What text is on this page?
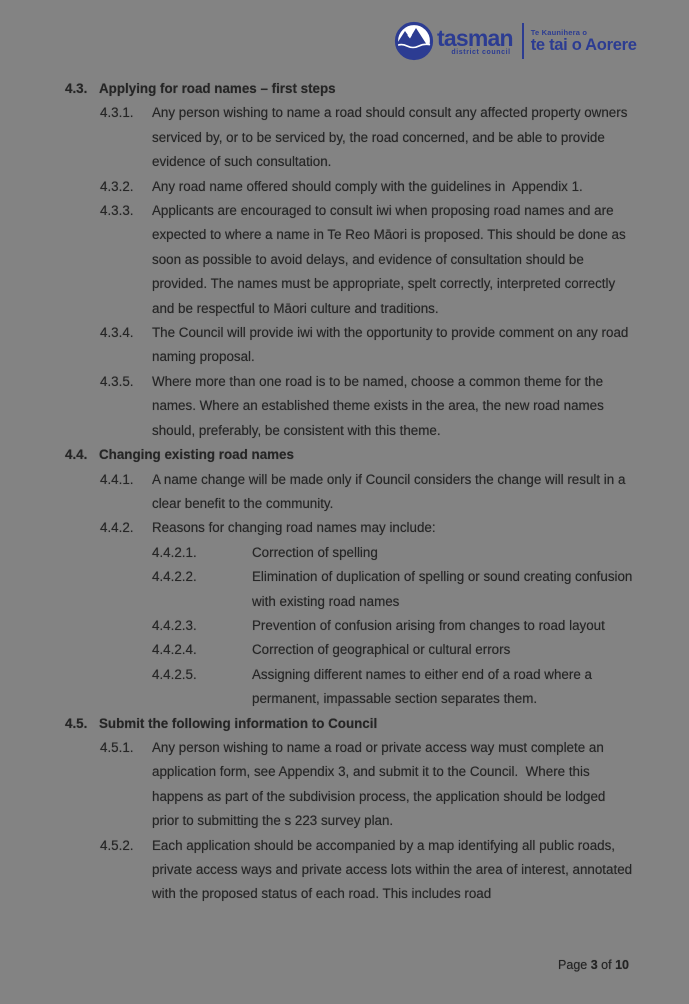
tasman
district council
Te Kaunihera o
te tai o Aorere
4.3. Applying for road names – first steps
4.3.1.	Any person wishing to name a road should consult any affected property owners serviced by, or to be serviced by, the road concerned, and be able to provide evidence of such consultation.
4.3.2.	Any road name offered should comply with the guidelines in  Appendix 1.
4.3.3.	Applicants are encouraged to consult iwi when proposing road names and are expected to where a name in Te Reo Māori is proposed. This should be done as soon as possible to avoid delays, and evidence of consultation should be provided. The names must be appropriate, spelt correctly, interpreted correctly and be respectful to Māori culture and traditions.
4.3.4.	The Council will provide iwi with the opportunity to provide comment on any road naming proposal.
4.3.5.	Where more than one road is to be named, choose a common theme for the names. Where an established theme exists in the area, the new road names should, preferably, be consistent with this theme.
4.4. Changing existing road names
4.4.1.	A name change will be made only if Council considers the change will result in a clear benefit to the community.
4.4.2.	Reasons for changing road names may include:
4.4.2.1.	Correction of spelling
4.4.2.2.	Elimination of duplication of spelling or sound creating confusion with existing road names
4.4.2.3.	Prevention of confusion arising from changes to road layout
4.4.2.4.	Correction of geographical or cultural errors
4.4.2.5.	Assigning different names to either end of a road where a permanent, impassable section separates them.
4.5. Submit the following information to Council
4.5.1.	Any person wishing to name a road or private access way must complete an application form, see Appendix 3, and submit it to the Council.  Where this happens as part of the subdivision process, the application should be lodged prior to submitting the s 223 survey plan.
4.5.2.	Each application should be accompanied by a map identifying all public roads, private access ways and private access lots within the area of interest, annotated with the proposed status of each road. This includes road
Page 3 of 10
